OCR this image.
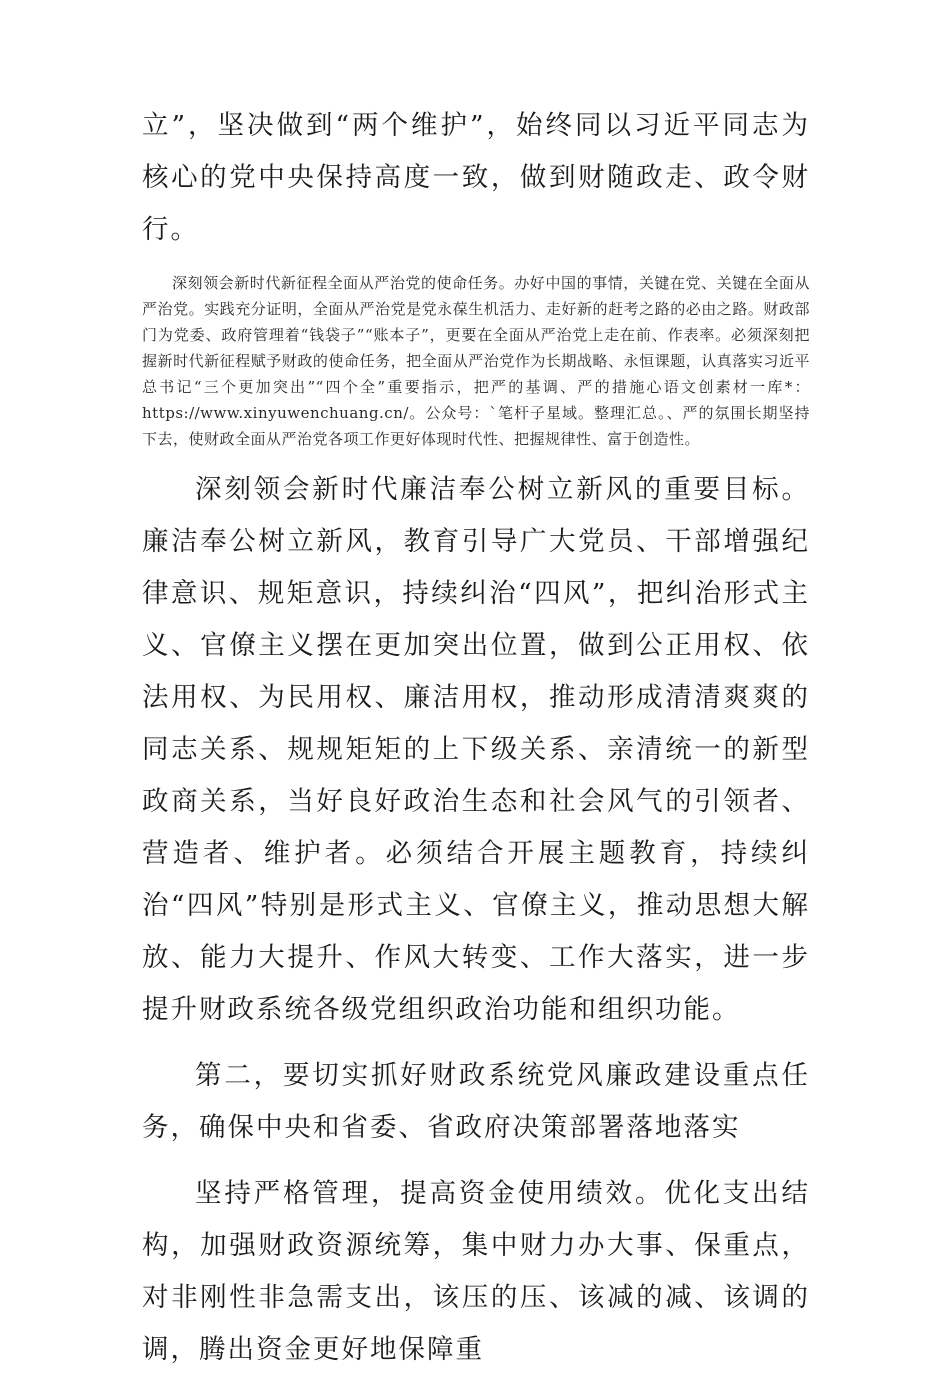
立”，坚决做到“两个维护”，始终同以习近平同志为核心的党中央保持高度一致，做到财随政走、政令财行。

深刻领会新时代新征程全面从严治党的使命任务。办好中国的事情，关键在党、关键在全面从严治党。实践充分证明，全面从严治党是党永葆生机活力、走好新的赶考之路的必由之路。财政部门为党委、政府管理着“钱袋子”“账本子”，更要在全面从严治党上走在前、作表率。必须深刻把握新时代新征程赋予财政的使命任务，把全面从严治党作为长期战略、永恒课题，认真落实习近平总书记“三个更加突出”“四个全”重要指示，把严的基调、严的措施心语文创素材一库*：https://www.xinyuwenchuang.cn/。公众号：`笔杆子星域。整理汇总。、严的氛围长期坚持下去，使财政全面从严治党各项工作更好体现时代性、把握规律性、富于创造性。

深刻领会新时代廉洁奉公树立新风的重要目标。廉洁奉公树立新风，教育引导广大党员、干部增强纪律意识、规矩意识，持续纠治“四风”，把纠治形式主义、官僚主义摆在更加突出位置，做到公正用权、依法用权、为民用权、廉洁用权，推动形成清清爽爽的同志关系、规规矩矩的上下级关系、亲清统一的新型政商关系，当好良好政治生态和社会风气的引领者、营造者、维护者。必须结合开展主题教育，持续纠治“四风”特别是形式主义、官僚主义，推动思想大解放、能力大提升、作风大转变、工作大落实，进一步提升财政系统各级党组织政治功能和组织功能。

第二，要切实抓好财政系统党风廉政建设重点任务，确保中央和省委、省政府决策部署落地落实

坚持严格管理，提高资金使用绩效。优化支出结构，加强财政资源统筹，集中财力办大事、保重点，对非刚性非急需支出，该压的压、该减的减、该调的调，腾出资金更好地保障重
